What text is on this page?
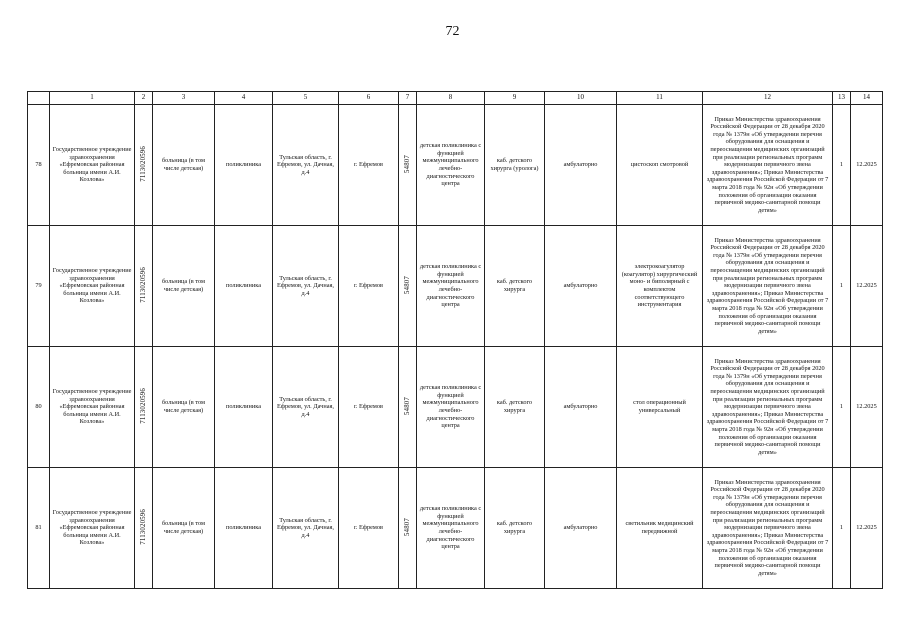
72
	1	2	3	4	5	6	7	8	9	10	11	12	13	14
78	Государственное учреждение здравоохранения «Ефремовская районная больница имени А.И. Козлова»	7113020596	больница (в том числе детская)	поликлиника	Тульская область, г. Ефремов, ул. Дачная, д.4	г. Ефремов	54807	детская поликлиника с функцией межмуниципального лечебно-диагностического центра	каб. детского хирурга (уролога)	амбулаторно	цистоскоп смотровой	Приказ Министерства здравоохранения Российской Федерации от 28 декабря 2020 года № 1379н «Об утверждении перечня оборудования для оснащения и переоснащения медицинских организаций при реализации региональных программ модернизации первичного звена здравоохранения»; Приказ Министерства здравоохранения Российской Федерации от 7 марта 2018 года № 92н «Об утверждении положения об организации оказания первичной медико-санитарной помощи детям»	1	12.2025
79	Государственное учреждение здравоохранения «Ефремовская районная больница имени А.И. Козлова»	7113020596	больница (в том числе детская)	поликлиника	Тульская область, г. Ефремов, ул. Дачная, д.4	г. Ефремов	54807	детская поликлиника с функцией межмуниципального лечебно-диагностического центра	каб. детского хирурга	амбулаторно	электрокоагулятор (коагулятор) хирургический моно- и биполярный с комплектом соответствующего инструментария	Приказ Министерства здравоохранения Российской Федерации от 28 декабря 2020 года № 1379н «Об утверждении перечня оборудования для оснащения и переоснащения медицинских организаций при реализации региональных программ модернизации первичного звена здравоохранения»; Приказ Министерства здравоохранения Российской Федерации от 7 марта 2018 года № 92н «Об утверждении положения об организации оказания первичной медико-санитарной помощи детям»	1	12.2025
80	Государственное учреждение здравоохранения «Ефремовская районная больница имени А.И. Козлова»	7113020596	больница (в том числе детская)	поликлиника	Тульская область, г. Ефремов, ул. Дачная, д.4	г. Ефремов	54807	детская поликлиника с функцией межмуниципального лечебно-диагностического центра	каб. детского хирурга	амбулаторно	стол операционный универсальный	Приказ Министерства здравоохранения Российской Федерации от 28 декабря 2020 года № 1379н «Об утверждении перечня оборудования для оснащения и переоснащения медицинских организаций при реализации региональных программ модернизации первичного звена здравоохранения»; Приказ Министерства здравоохранения Российской Федерации от 7 марта 2018 года № 92н «Об утверждении положения об организации оказания первичной медико-санитарной помощи детям»	1	12.2025
81	Государственное учреждение здравоохранения «Ефремовская районная больница имени А.И. Козлова»	7113020596	больница (в том числе детская)	поликлиника	Тульская область, г. Ефремов, ул. Дачная, д.4	г. Ефремов	54807	детская поликлиника с функцией межмуниципального лечебно-диагностического центра	каб. детского хирурга	амбулаторно	светильник медицинский передвижной	Приказ Министерства здравоохранения Российской Федерации от 28 декабря 2020 года № 1379н «Об утверждении перечня оборудования для оснащения и переоснащения медицинских организаций при реализации региональных программ модернизации первичного звена здравоохранения»; Приказ Министерства здравоохранения Российской Федерации от 7 марта 2018 года № 92н «Об утверждении положения об организации оказания первичной медико-санитарной помощи детям»	1	12.2025
